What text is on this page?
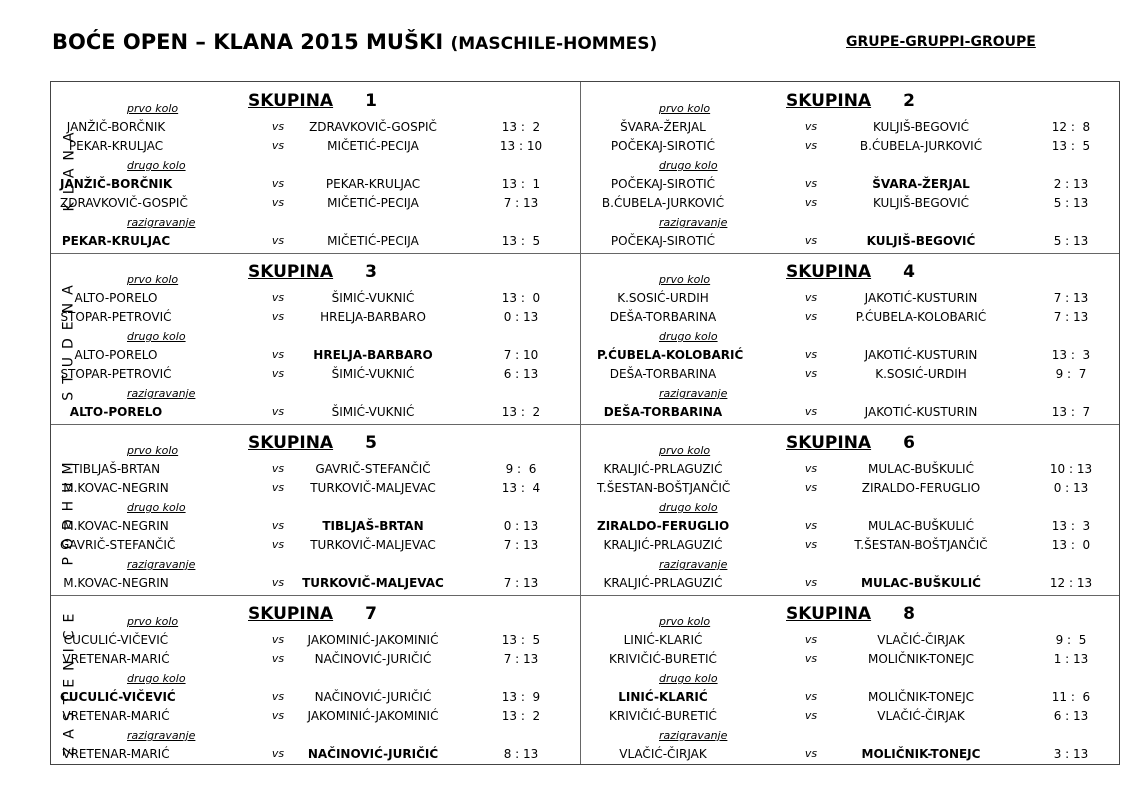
BOĆE OPEN – KLANA 2015 MUŠKI (MASCHILE-HOMMES)	GRUPE-GRUPPI-GROUPE
KLANA
STUDENA
PODHUM
ZASTENICE
SKUPINA 1
prvo kolo
JANŽIČ-BORČNIK	vs	ZDRAVKOVIČ-GOSPIČ	13 :  2
PEKAR-KRULJAC	vs	MIČETIĆ-PECIJA	13 : 10
drugo kolo
JANŽIČ-BORČNIK	vs	PEKAR-KRULJAC	13 :  1
ZDRAVKOVIČ-GOSPIČ	vs	MIČETIĆ-PECIJA	7 : 13
razigravanje
PEKAR-KRULJAC	vs	MIČETIĆ-PECIJA	13 :  5
SKUPINA 2
prvo kolo
ŠVARA-ŽERJAL	vs	KULJIŠ-BEGOVIĆ	12 :  8
POČEKAJ-SIROTIĆ	vs	B.ĆUBELA-JURKOVIĆ	13 :  5
drugo kolo
POČEKAJ-SIROTIĆ	vs	ŠVARA-ŽERJAL	2 : 13
B.ĆUBELA-JURKOVIĆ	vs	KULJIŠ-BEGOVIĆ	5 : 13
razigravanje
POČEKAJ-SIROTIĆ	vs	KULJIŠ-BEGOVIĆ	5 : 13
SKUPINA 3
prvo kolo
ALTO-PORELO	vs	ŠIMIĆ-VUKNIĆ	13 :  0
STOPAR-PETROVIĆ	vs	HRELJA-BARBARO	0 : 13
drugo kolo
ALTO-PORELO	vs	HRELJA-BARBARO	7 : 10
STOPAR-PETROVIĆ	vs	ŠIMIĆ-VUKNIĆ	6 : 13
razigravanje
ALTO-PORELO	vs	ŠIMIĆ-VUKNIĆ	13 :  2
SKUPINA 4
prvo kolo
K.SOSIĆ-URDIH	vs	JAKOTIĆ-KUSTURIN	7 : 13
DEŠA-TORBARINA	vs	P.ĆUBELA-KOLOBARIĆ	7 : 13
drugo kolo
P.ĆUBELA-KOLOBARIĆ	vs	JAKOTIĆ-KUSTURIN	13 :  3
DEŠA-TORBARINA	vs	K.SOSIĆ-URDIH	9 :  7
razigravanje
DEŠA-TORBARINA	vs	JAKOTIĆ-KUSTURIN	13 :  7
SKUPINA 5
prvo kolo
TIBLJAŠ-BRTAN	vs	GAVRIČ-STEFANČIČ	9 :  6
M.KOVAC-NEGRIN	vs	TURKOVIČ-MALJEVAC	13 :  4
drugo kolo
M.KOVAC-NEGRIN	vs	TIBLJAŠ-BRTAN	0 : 13
GAVRIČ-STEFANČIČ	vs	TURKOVIČ-MALJEVAC	7 : 13
razigravanje
M.KOVAC-NEGRIN	vs	TURKOVIČ-MALJEVAC	7 : 13
SKUPINA 6
prvo kolo
KRALJIĆ-PRLAGUZIĆ	vs	MULAC-BUŠKULIĆ	10 : 13
T.ŠESTAN-BOŠTJANČIČ	vs	ZIRALDO-FERUGLIO	0 : 13
drugo kolo
ZIRALDO-FERUGLIO	vs	MULAC-BUŠKULIĆ	13 :  3
KRALJIĆ-PRLAGUZIĆ	vs	T.ŠESTAN-BOŠTJANČIČ	13 :  0
razigravanje
KRALJIĆ-PRLAGUZIĆ	vs	MULAC-BUŠKULIĆ	12 : 13
SKUPINA 7
prvo kolo
CUCULIĆ-VIČEVIĆ	vs	JAKOMINIĆ-JAKOMINIĆ	13 :  5
VRETENAR-MARIĆ	vs	NAČINOVIĆ-JURIČIĆ	7 : 13
drugo kolo
CUCULIĆ-VIČEVIĆ	vs	NAČINOVIĆ-JURIČIĆ	13 :  9
VRETENAR-MARIĆ	vs	JAKOMINIĆ-JAKOMINIĆ	13 :  2
razigravanje
VRETENAR-MARIĆ	vs	NAČINOVIĆ-JURIČIĆ	8 : 13
SKUPINA 8
prvo kolo
LINIĆ-KLARIĆ	vs	VLAČIĆ-ČIRJAK	9 :  5
KRIVIČIĆ-BURETIĆ	vs	MOLIČNIK-TONEJC	1 : 13
drugo kolo
LINIĆ-KLARIĆ	vs	MOLIČNIK-TONEJC	11 :  6
KRIVIČIĆ-BURETIĆ	vs	VLAČIĆ-ČIRJAK	6 : 13
razigravanje
VLAČIĆ-ČIRJAK	vs	MOLIČNIK-TONEJC	3 : 13
